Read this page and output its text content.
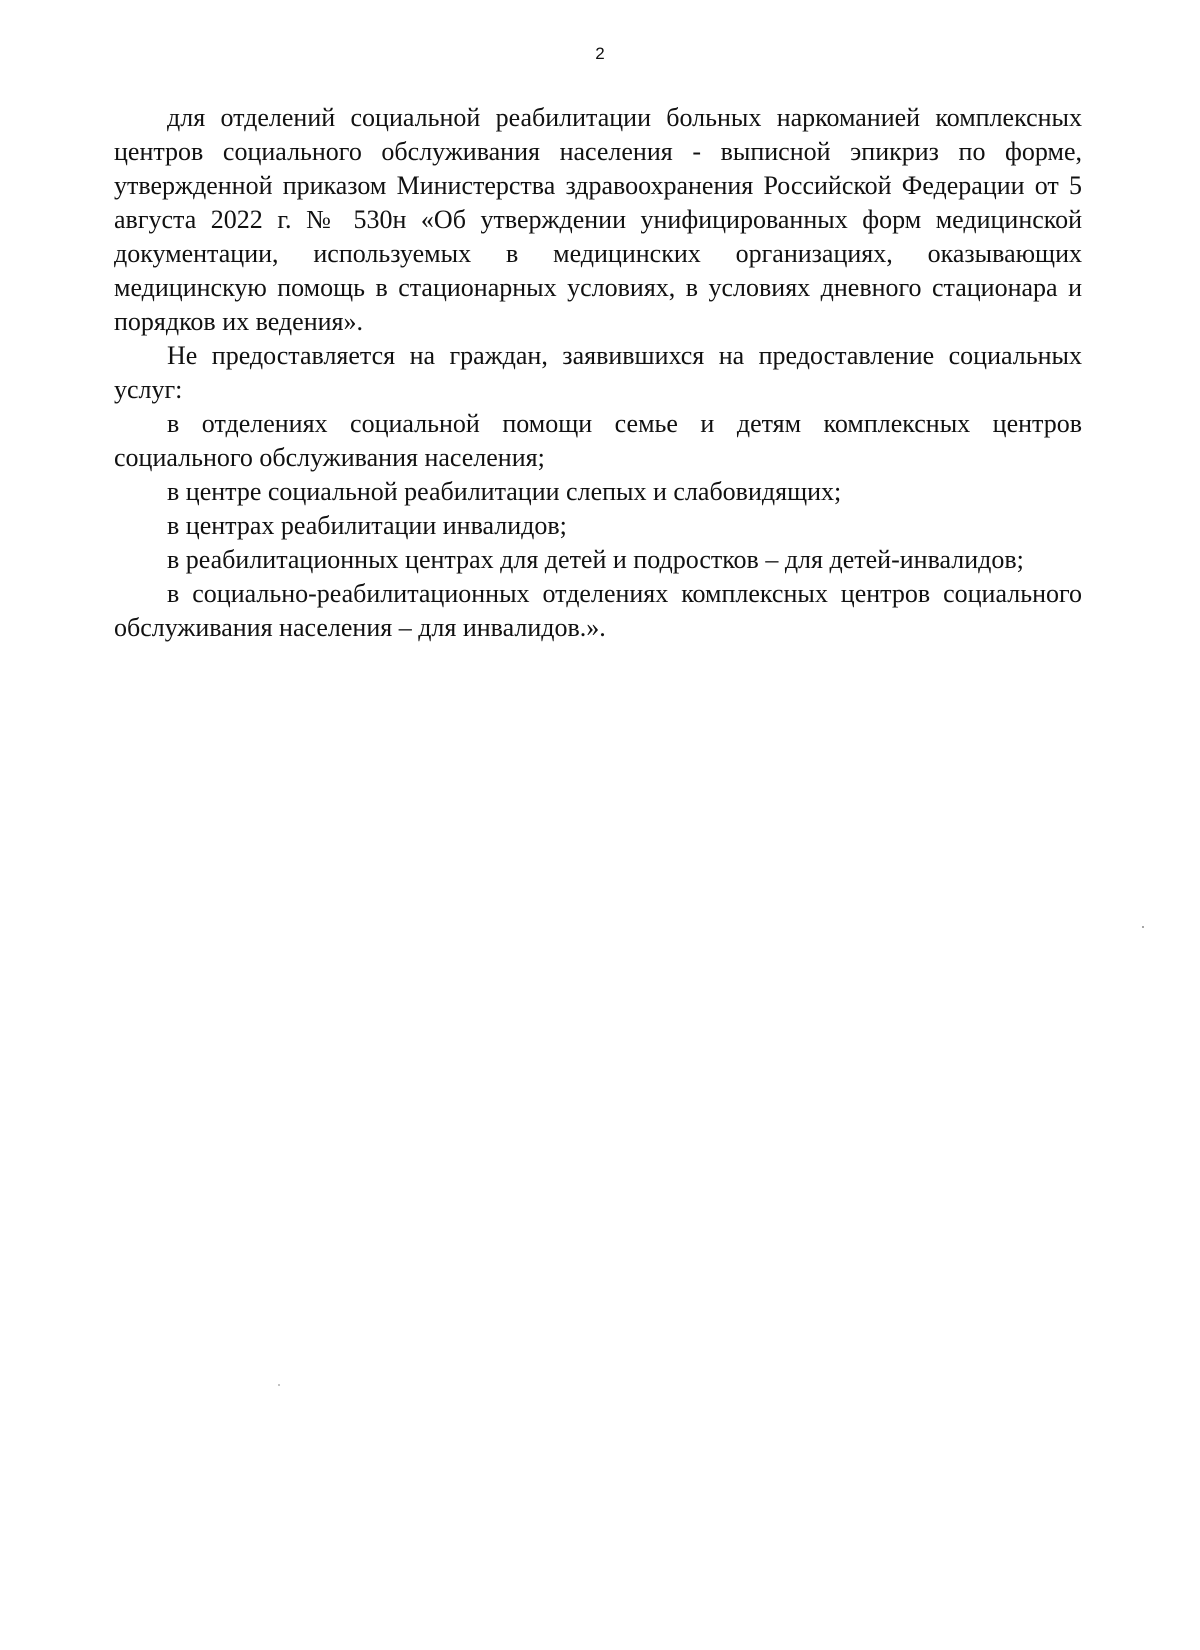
2

для отделений социальной реабилитации больных наркоманией комплексных центров социального обслуживания населения - выписной эпикриз по форме, утвержденной приказом Министерства здравоохранения Российской Федерации от 5 августа 2022 г. № 530н «Об утверждении унифицированных форм медицинской документации, используемых в медицинских организациях, оказывающих медицинскую помощь в стационарных условиях, в условиях дневного стационара и порядков их ведения».

Не предоставляется на граждан, заявившихся на предоставление социальных услуг:

в отделениях социальной помощи семье и детям комплексных центров социального обслуживания населения;

в центре социальной реабилитации слепых и слабовидящих;

в центрах реабилитации инвалидов;

в реабилитационных центрах для детей и подростков – для детей-инвалидов;

в социально-реабилитационных отделениях комплексных центров социального обслуживания населения – для инвалидов.».
